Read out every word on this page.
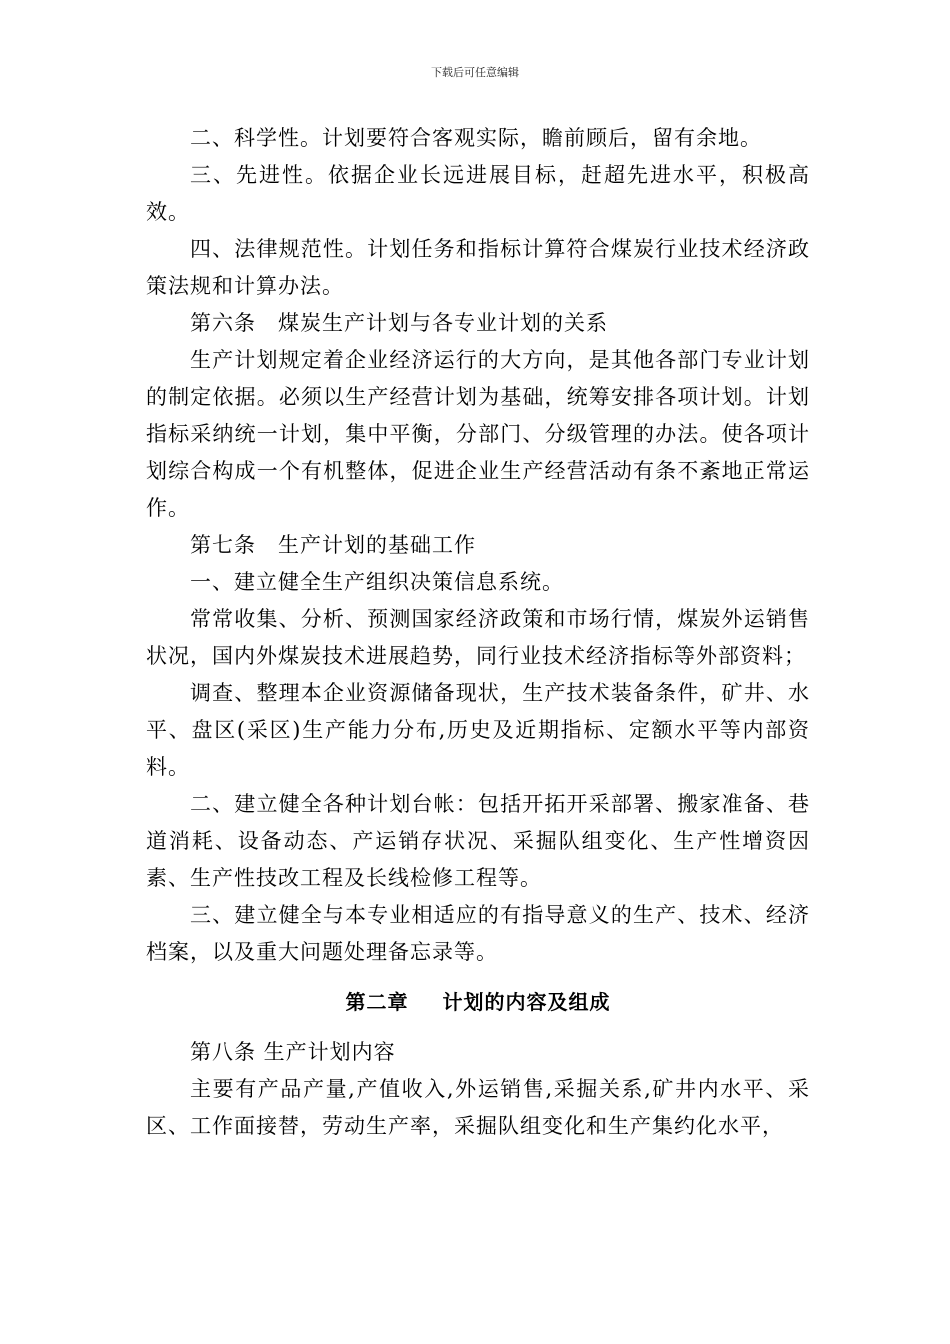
下载后可任意编辑

二、科学性。计划要符合客观实际，瞻前顾后，留有余地。

三、先进性。依据企业长远进展目标，赶超先进水平，积极高效。

四、法律规范性。计划任务和指标计算符合煤炭行业技术经济政策法规和计算办法。

第六条　煤炭生产计划与各专业计划的关系

生产计划规定着企业经济运行的大方向，是其他各部门专业计划的制定依据。必须以生产经营计划为基础，统筹安排各项计划。计划指标采纳统一计划，集中平衡，分部门、分级管理的办法。使各项计划综合构成一个有机整体，促进企业生产经营活动有条不紊地正常运作。

第七条　生产计划的基础工作

一、建立健全生产组织决策信息系统。

常常收集、分析、预测国家经济政策和市场行情，煤炭外运销售状况，国内外煤炭技术进展趋势，同行业技术经济指标等外部资料；

调查、整理本企业资源储备现状，生产技术装备条件，矿井、水平、盘区(采区)生产能力分布,历史及近期指标、定额水平等内部资料。

二、建立健全各种计划台帐：包括开拓开采部署、搬家准备、巷道消耗、设备动态、产运销存状况、采掘队组变化、生产性增资因素、生产性技改工程及长线检修工程等。

三、建立健全与本专业相适应的有指导意义的生产、技术、经济档案，以及重大问题处理备忘录等。

第二章 计划的内容及组成

第八条 生产计划内容

主要有产品产量,产值收入,外运销售,采掘关系,矿井内水平、采区、工作面接替，劳动生产率，采掘队组变化和生产集约化水平，
